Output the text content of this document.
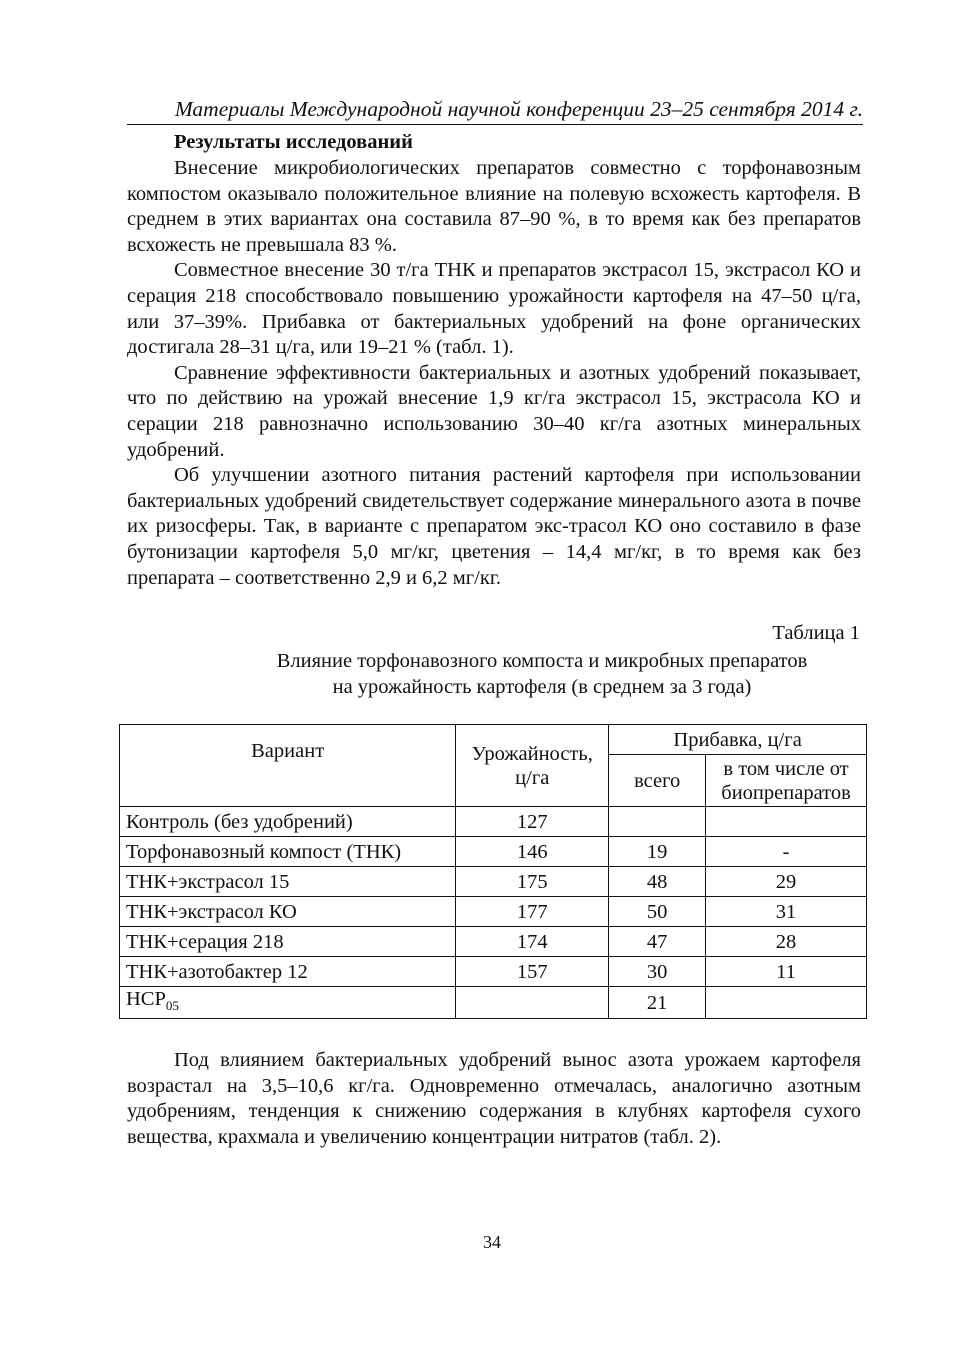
Материалы Международной научной конференции 23–25 сентября 2014 г.
Результаты исследований

Внесение микробиологических препаратов совместно с торфонавозным компостом оказывало положительное влияние на полевую всхожесть картофеля. В среднем в этих вариантах она составила 87–90 %, в то время как без препаратов всхожесть не превышала 83 %.

Совместное внесение 30 т/га ТНК и препаратов экстрасол 15, экстрасол КО и серация 218 способствовало повышению урожайности картофеля на 47–50 ц/га, или 37–39%. Прибавка от бактериальных удобрений на фоне органических достигала 28–31 ц/га, или 19–21 % (табл. 1).

Сравнение эффективности бактериальных и азотных удобрений показывает, что по действию на урожай внесение 1,9 кг/га экстрасол 15, экстрасола КО и серации 218 равнозначно использованию 30–40 кг/га азотных минеральных удобрений.

Об улучшении азотного питания растений картофеля при использовании бактериальных удобрений свидетельствует содержание минерального азота в почве их ризосферы. Так, в варианте с препаратом экс-трасол КО оно составило в фазе бутонизации картофеля 5,0 мг/кг, цветения – 14,4 мг/кг, в то время как без препарата – соответственно 2,9 и 6,2 мг/кг.

Таблица 1
Влияние торфонавозного компоста и микробных препаратов
на урожайность картофеля (в среднем за 3 года)
Вариант	Урожайность, ц/га	Прибавка, ц/га	
		всего	в том числе от биопрепаратов
Контроль (без удобрений)	127		
Торфонавозный компост (ТНК)	146	19	-
ТНК+экстрасол 15	175	48	29
ТНК+экстрасол КО	177	50	31
ТНК+серация 218	174	47	28
ТНК+азотобактер 12	157	30	11
$НСР_{05}$		21	

Под влиянием бактериальных удобрений вынос азота урожаем картофеля возрастал на 3,5–10,6 кг/га. Одновременно отмечалась, аналогично азотным удобрениям, тенденция к снижению содержания в клубнях картофеля сухого вещества, крахмала и увеличению концентрации нитратов (табл. 2).

34
